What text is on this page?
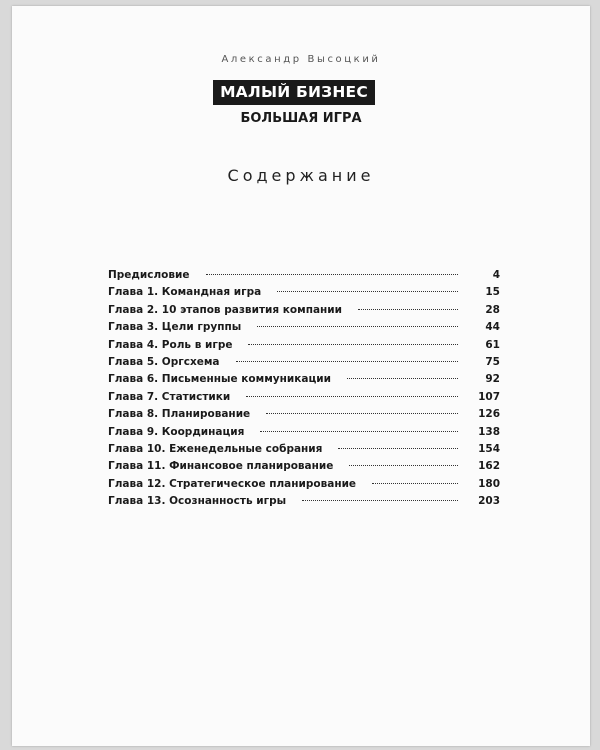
Александр Высоцкий
МАЛЫЙ БИЗНЕС
БОЛЬШАЯ ИГРА
Содержание
Предисловие	4
Глава 1. Командная игра	15
Глава 2. 10 этапов развития компании	28
Глава 3. Цели группы	44
Глава 4. Роль в игре	61
Глава 5. Оргсхема	75
Глава 6. Письменные коммуникации	92
Глава 7. Статистики	107
Глава 8. Планирование	126
Глава 9. Координация	138
Глава 10. Еженедельные собрания	154
Глава 11. Финансовое планирование	162
Глава 12. Стратегическое планирование	180
Глава 13. Осознанность игры	203
